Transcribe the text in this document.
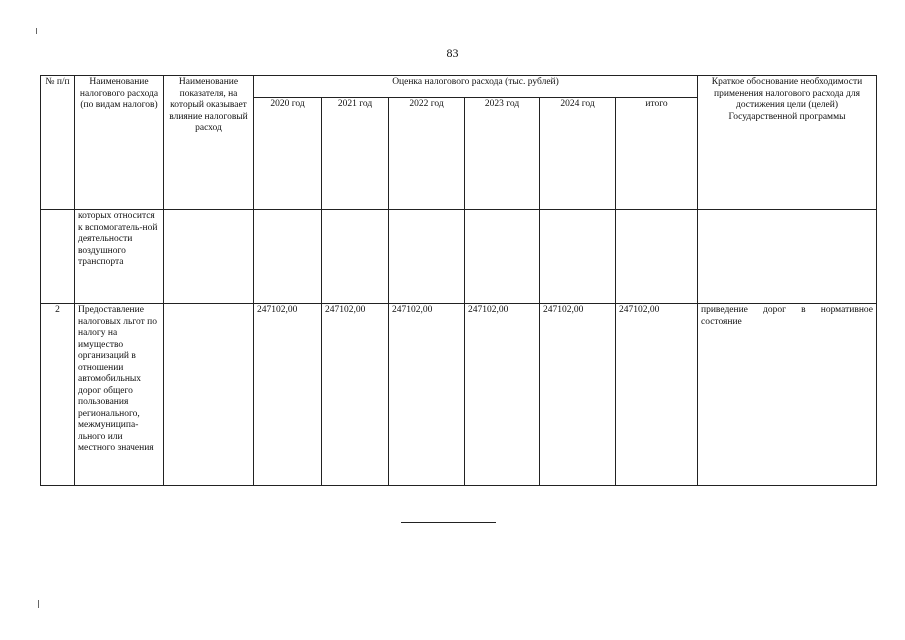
83
№ п/п	Наименование налогового расхода (по видам налогов)	Наименование показателя, на который оказывает влияние налоговый расход	Оценка налогового расхода (тыс. рублей)						Краткое обоснование необходимости применения налогового расхода для достижения цели (целей) Государственной программы
			2020 год	2021 год	2022 год	2023 год	2024 год	итого	
	которых относится к вспомогатель-ной деятельности воздушного транспорта								
2	Предоставление налоговых льгот по налогу на имущество организаций в отношении автомобильных дорог общего пользования регионального, межмуниципа-льного или местного значения		247102,00	247102,00	247102,00	247102,00	247102,00	247102,00	приведение дорог в нормативное состояние
